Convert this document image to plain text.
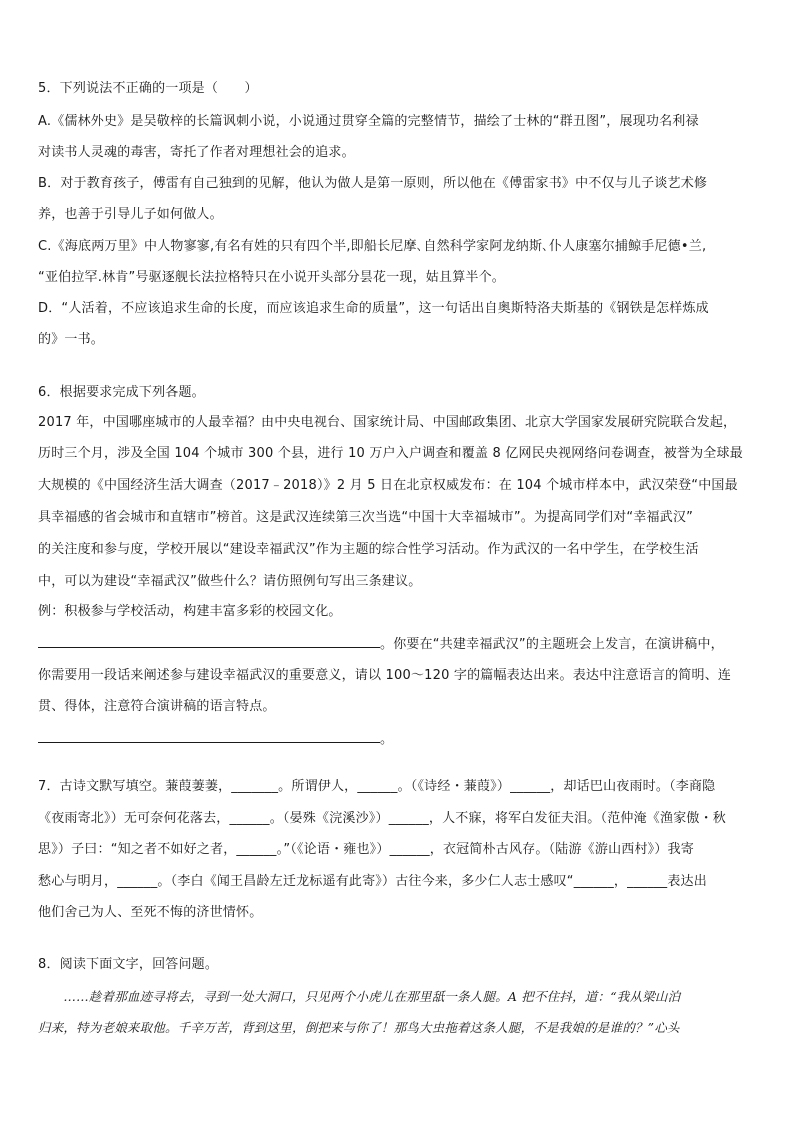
5．下列说法不正确的一项是（　　）
A.《儒林外史》是吴敬梓的长篇讽刺小说，小说通过贯穿全篇的完整情节，描绘了士林的“群丑图”，展现功名利禄
对读书人灵魂的毒害，寄托了作者对理想社会的追求。
B．对于教育孩子，傅雷有自己独到的见解，他认为做人是第一原则，所以他在《傅雷家书》中不仅与儿子谈艺术修
养，也善于引导儿子如何做人。
C.《海底两万里》中人物寥寥,有名有姓的只有四个半,即船长尼摩､自然科学家阿龙纳斯､仆人康塞尔捕鲸手尼德•兰,
“亚伯拉罕.林肯”号驱逐舰长法拉格特只在小说开头部分昙花一现，姑且算半个。
D．“人活着，不应该追求生命的长度，而应该追求生命的质量”，这一句话出自奥斯特洛夫斯基的《钢铁是怎样炼成
的》一书。
6．根据要求完成下列各题。
2017 年，中国哪座城市的人最幸福？由中央电视台、国家统计局、中国邮政集团、北京大学国家发展研究院联合发起，
历时三个月，涉及全国 104 个城市 300 个县，进行 10 万户入户调查和覆盖 8 亿网民央视网络问卷调查，被誉为全球最
大规模的《中国经济生活大调查（2017﹣2018）》2 月 5 日在北京权威发布：在 104 个城市样本中，武汉荣登“中国最
具幸福感的省会城市和直辖市”榜首。这是武汉连续第三次当选“中国十大幸福城市”。为提高同学们对“幸福武汉”
的关注度和参与度，学校开展以“建设幸福武汉”作为主题的综合性学习活动。作为武汉的一名中学生，在学校生活
中，可以为建设“幸福武汉”做些什么？请仿照例句写出三条建议。
例：积极参与学校活动，构建丰富多彩的校园文化。
。你要在“共建幸福武汉”的主题班会上发言，在演讲稿中，
你需要用一段话来阐述参与建设幸福武汉的重要意义，请以 100～120 字的篇幅表达出来。表达中注意语言的简明、连
贯、得体，注意符合演讲稿的语言特点。
。
7．古诗文默写填空。蒹葭萋萋，_______。所谓伊人，______。（《诗经・蒹葭》）______，却话巴山夜雨时。（李商隐
《夜雨寄北》）无可奈何花落去，______。（晏殊《浣溪沙》）______，人不寐，将军白发征夫泪。（范仲淹《渔家傲・秋
思》）子曰：“知之者不如好之者，______。”（《论语・雍也》）______，衣冠简朴古风存。（陆游《游山西村》）我寄
愁心与明月，______。（李白《闻王昌龄左迁龙标遥有此寄》）古往今来，多少仁人志士感叹“______，______表达出
他们舍己为人、至死不悔的济世情怀。
8．阅读下面文字，回答问题。
　　……趁着那血迹寻将去，寻到一处大洞口，只见两个小虎儿在那里舐一条人腿。A 把不住抖，道：“我从梁山泊
归来，特为老娘来取他。千辛万苦，背到这里，倒把来与你了！那鸟大虫拖着这条人腿，不是我娘的是谁的？”心头
